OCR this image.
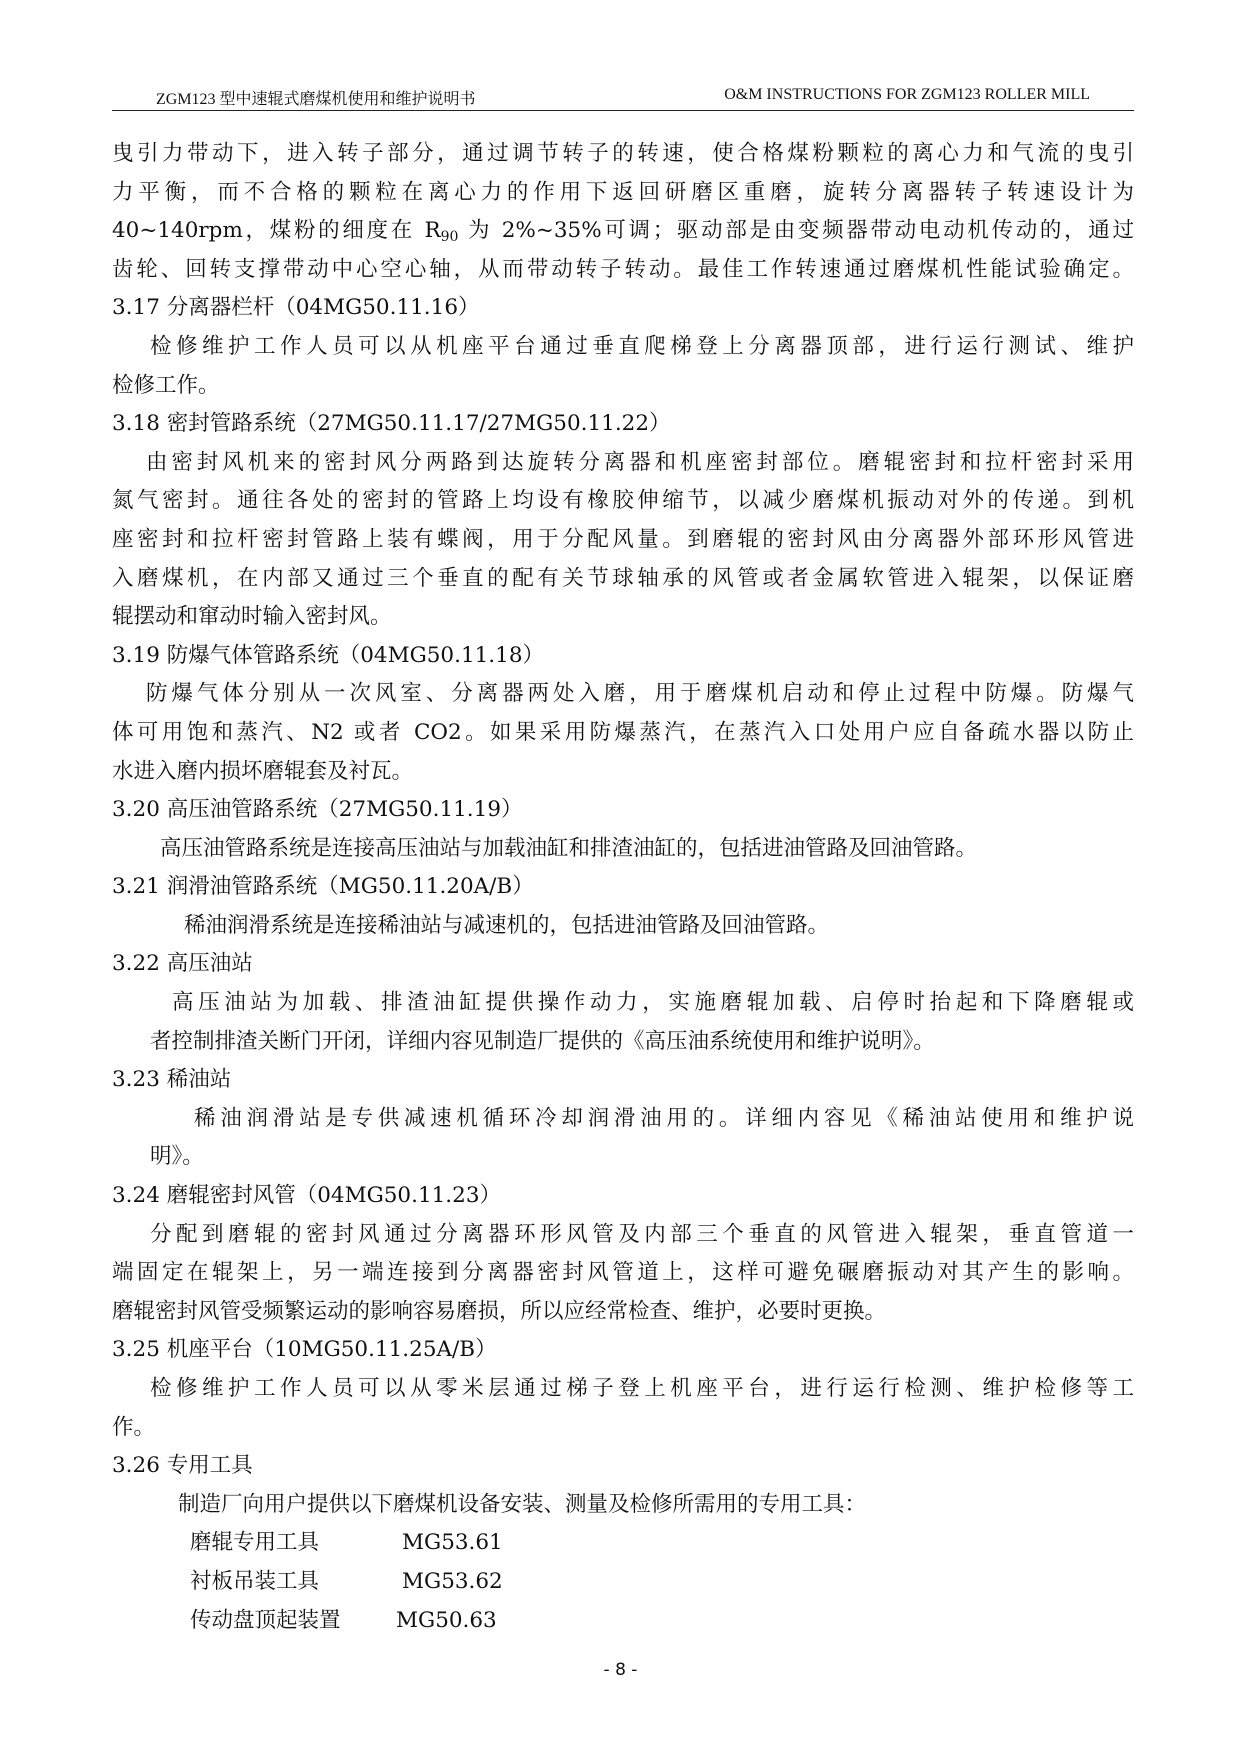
ZGM123 型中速辊式磨煤机使用和维护说明书	O&M INSTRUCTIONS FOR ZGM123 ROLLER MILL
曳引力带动下，进入转子部分，通过调节转子的转速，使合格煤粉颗粒的离心力和气流的曳引
力平衡，而不合格的颗粒在离心力的作用下返回研磨区重磨，旋转分离器转子转速设计为
40~140rpm，煤粉的细度在 $R_{90}$ 为 2%~35%可调；驱动部是由变频器带动电动机传动的，通过
齿轮、回转支撑带动中心空心轴，从而带动转子转动。最佳工作转速通过磨煤机性能试验确定。
3.17 分离器栏杆（04MG50.11.16）
检修维护工作人员可以从机座平台通过垂直爬梯登上分离器顶部，进行运行测试、维护
检修工作。
3.18 密封管路系统（27MG50.11.17/27MG50.11.22）
由密封风机来的密封风分两路到达旋转分离器和机座密封部位。磨辊密封和拉杆密封采用
氮气密封。通往各处的密封的管路上均设有橡胶伸缩节，以减少磨煤机振动对外的传递。到机
座密封和拉杆密封管路上装有蝶阀，用于分配风量。到磨辊的密封风由分离器外部环形风管进
入磨煤机，在内部又通过三个垂直的配有关节球轴承的风管或者金属软管进入辊架，以保证磨
辊摆动和窜动时输入密封风。
3.19 防爆气体管路系统（04MG50.11.18）
防爆气体分别从一次风室、分离器两处入磨，用于磨煤机启动和停止过程中防爆。防爆气
体可用饱和蒸汽、N2 或者 CO2。如果采用防爆蒸汽，在蒸汽入口处用户应自备疏水器以防止
水进入磨内损坏磨辊套及衬瓦。
3.20 高压油管路系统（27MG50.11.19）
高压油管路系统是连接高压油站与加载油缸和排渣油缸的，包括进油管路及回油管路。
3.21 润滑油管路系统（MG50.11.20A/B）
稀油润滑系统是连接稀油站与减速机的，包括进油管路及回油管路。
3.22 高压油站
高压油站为加载、排渣油缸提供操作动力，实施磨辊加载、启停时抬起和下降磨辊或
者控制排渣关断门开闭，详细内容见制造厂提供的《高压油系统使用和维护说明》。
3.23 稀油站
稀油润滑站是专供减速机循环冷却润滑油用的。详细内容见《稀油站使用和维护说
明》。
3.24 磨辊密封风管（04MG50.11.23）
分配到磨辊的密封风通过分离器环形风管及内部三个垂直的风管进入辊架，垂直管道一
端固定在辊架上，另一端连接到分离器密封风管道上，这样可避免碾磨振动对其产生的影响。
磨辊密封风管受频繁运动的影响容易磨损，所以应经常检查、维护，必要时更换。
3.25 机座平台（10MG50.11.25A/B）
检修维护工作人员可以从零米层通过梯子登上机座平台，进行运行检测、维护检修等工
作。
3.26 专用工具
制造厂向用户提供以下磨煤机设备安装、测量及检修所需用的专用工具：
磨辊专用工具	MG53.61
衬板吊装工具	MG53.62
传动盘顶起装置	MG50.63
- 8 -
